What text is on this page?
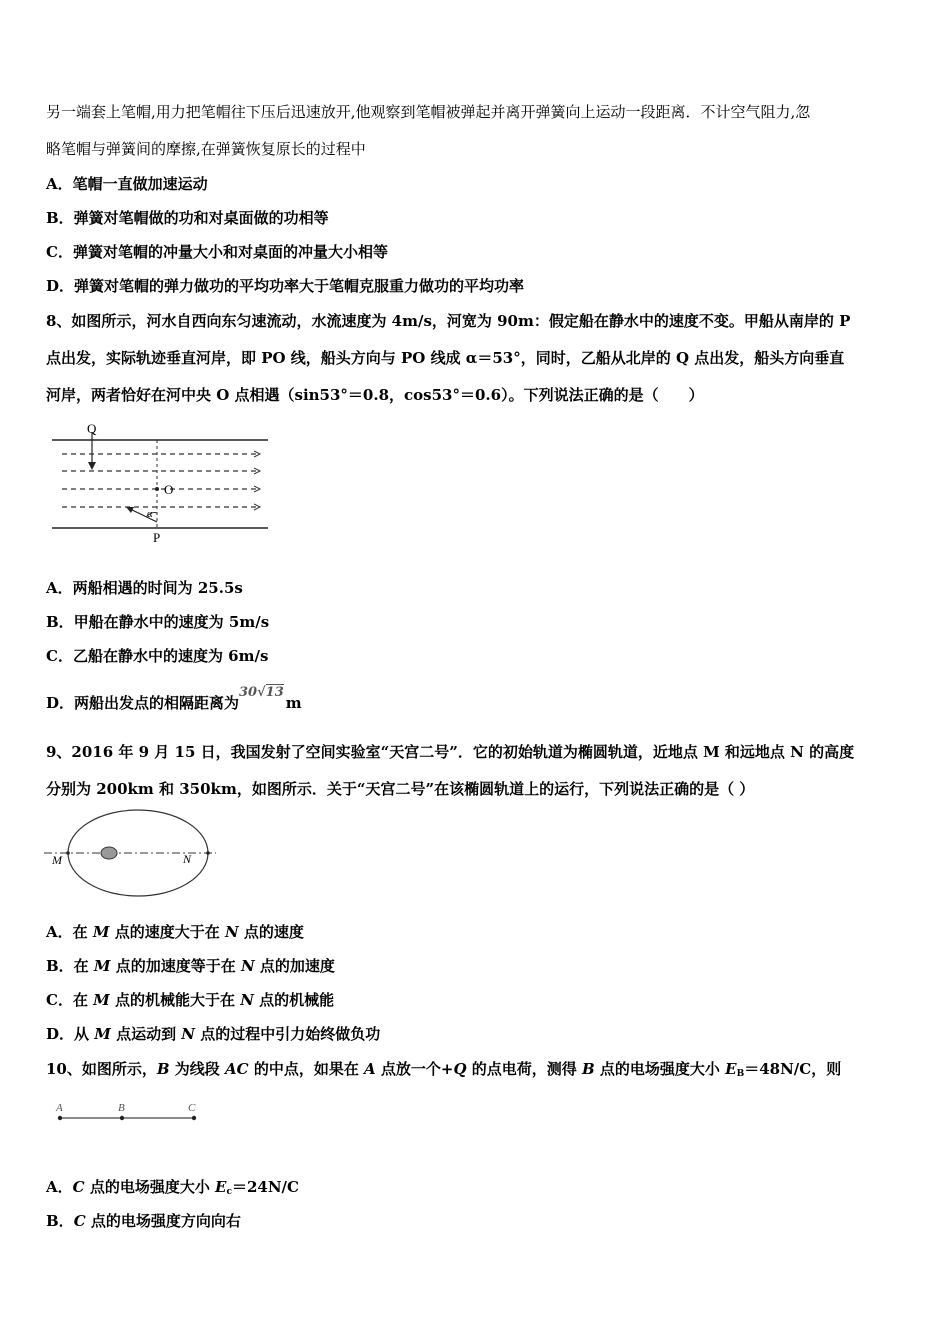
另一端套上笔帽,用力把笔帽往下压后迅速放开,他观察到笔帽被弹起并离开弹簧向上运动一段距离．不计空气阻力,忽
略笔帽与弹簧间的摩擦,在弹簧恢复原长的过程中
A．笔帽一直做加速运动
B．弹簧对笔帽做的功和对桌面做的功相等
C．弹簧对笔帽的冲量大小和对桌面的冲量大小相等
D．弹簧对笔帽的弹力做功的平均功率大于笔帽克服重力做功的平均功率
8、如图所示，河水自西向东匀速流动，水流速度为 4m/s，河宽为 90m：假定船在静水中的速度不变。甲船从南岸的 P
点出发，实际轨迹垂直河岸，即 PO 线，船头方向与 PO 线成 α＝53°，同时，乙船从北岸的 Q 点出发，船头方向垂直
河岸，两者恰好在河中央 O 点相遇（sin53°＝0.8，cos53°＝0.6）。下列说法正确的是（　　）
Q
O
P
α
A．两船相遇的时间为 25.5s
B．甲船在静水中的速度为 5m/s
C．乙船在静水中的速度为 6m/s
D．两船出发点的相隔距离为30√13m
9、2016 年 9 月 15 日，我国发射了空间实验室“天宫二号”．它的初始轨道为椭圆轨道，近地点 M 和远地点 N 的高度
分别为 200km 和 350km，如图所示．关于“天宫二号”在该椭圆轨道上的运行，下列说法正确的是（ ）
M	N
A．在 M 点的速度大于在 N 点的速度
B．在 M 点的加速度等于在 N 点的加速度
C．在 M 点的机械能大于在 N 点的机械能
D．从 M 点运动到 N 点的过程中引力始终做负功
10、如图所示，B 为线段 AC 的中点，如果在 A 点放一个+Q 的点电荷，测得 B 点的电场强度大小 $E_B=48N/C$，则
A	B	C
A．C 点的电场强度大小 $E_c=24N/C$
B．C 点的电场强度方向向右
